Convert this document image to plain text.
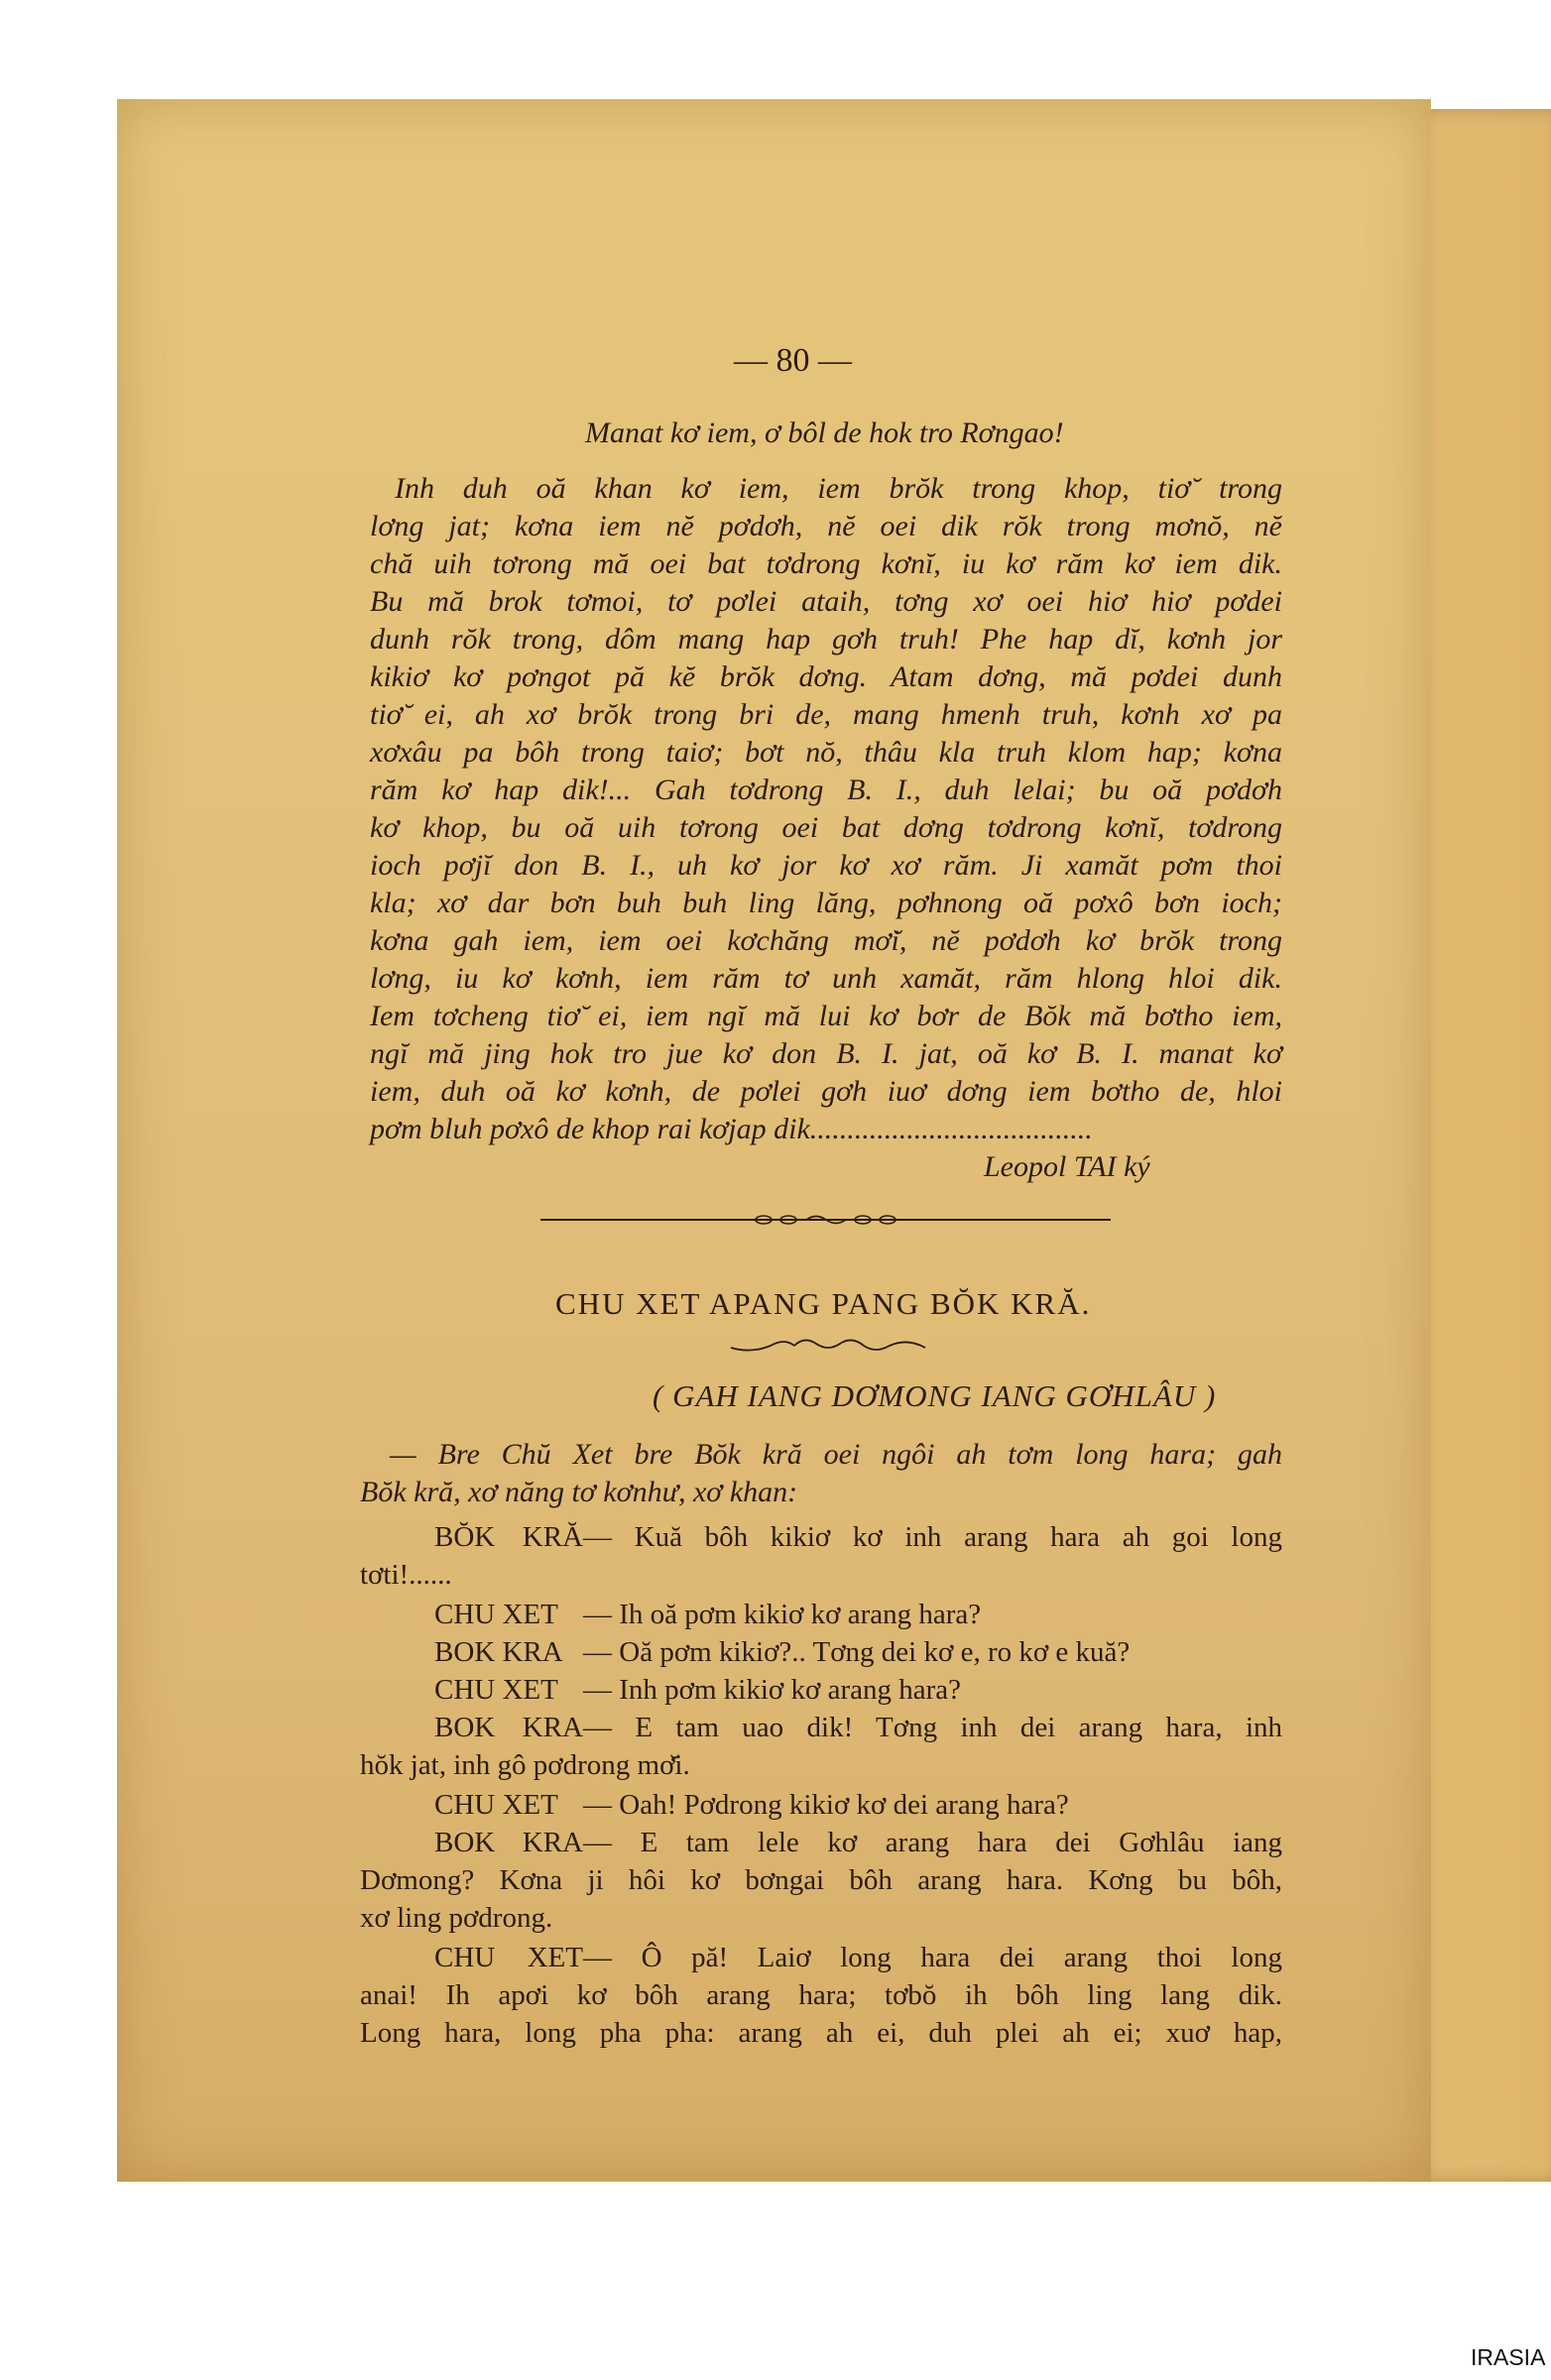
— 80 —
Manat kơ iem, ơ bôl de hok tro Rơngao!
Inh duh oă khan kơ iem, iem brŏk trong khop, tiơ̆ trong
lơng jat; kơna iem nĕ pơdơh, nĕ oei dik rŏk trong mơnŏ, nĕ
chă uih tơrong mă oei bat tơdrong kơnĭ, iu kơ răm kơ iem dik.
Bu mă brok tơmoi, tơ pơlei ataih, tơng xơ oei hiơ hiơ pơdei
dunh rŏk trong, dôm mang hap gơh truh! Phe hap dĭ, kơnh jor
kikiơ kơ pơngot pă kĕ brŏk dơng. Atam dơng, mă pơdei dunh
tiơ̆ ei, ah xơ brŏk trong bri de, mang hmenh truh, kơnh xơ pa
xơxâu pa bôh trong taiơ; bơt nŏ, thâu kla truh klom hap; kơna
răm kơ hap dik!... Gah tơdrong B. I., duh lelai; bu oă pơdơh
kơ khop, bu oă uih tơrong oei bat dơng tơdrong kơnĭ, tơdrong
ioch pơjĭ don B. I., uh kơ jor kơ xơ răm. Ji xamăt pơm thoi
kla; xơ dar bơn buh buh ling lăng, pơhnong oă pơxô bơn ioch;
kơna gah iem, iem oei kơchăng mơ̆i, nĕ pơdơh kơ brŏk trong
lơng, iu kơ kơnh, iem răm tơ unh xamăt, răm hlong hloi dik.
Iem tơcheng tiơ̆ ei, iem ngĭ mă lui kơ bơr de Bŏk mă bơtho iem,
ngĭ mă jing hok tro jue kơ don B. I. jat, oă kơ B. I. manat kơ
iem, duh oă kơ kơnh, de pơlei gơh iuơ dơng iem bơtho de, hloi
pơm bluh pơxô de khop rai kơjap dik......................................
Leopol TAI ký
CHU XET APANG PANG BŎK KRĂ.
( GAH IANG DƠMONG IANG GƠHLÂU )
— Bre Chŭ Xet bre Bŏk kră oei ngôi ah tơm long hara; gah
Bŏk kră, xơ năng tơ kơnhư, xơ khan:
BŎK KRĂ— Kuă bôh kikiơ kơ inh arang hara ah goi long
tơti!......
CHU XET — Ih oă pơm kikiơ kơ arang hara?
BOK KRA — Oă pơm kikiơ?.. Tơng dei kơ e, ro kơ e kuă?
CHU XET — Inh pơm kikiơ kơ arang hara?
BOK KRA— E tam uao dik! Tơng inh dei arang hara, inh
hŏk jat, inh gô pơdrong mơ̆i.
CHU XET — Oah! Pơdrong kikiơ kơ dei arang hara?
BOK KRA— E tam lele kơ arang hara dei Gơhlâu iang
Dơmong? Kơna ji hôi kơ bơngai bôh arang hara. Kơng bu bôh,
xơ ling pơdrong.
CHU XET— Ô pă! Laiơ long hara dei arang thoi long
anai! Ih apơi kơ bôh arang hara; tơbŏ ih bôh ling lang dik.
Long hara, long pha pha: arang ah ei, duh plei ah ei; xuơ hap,
IRASIA
